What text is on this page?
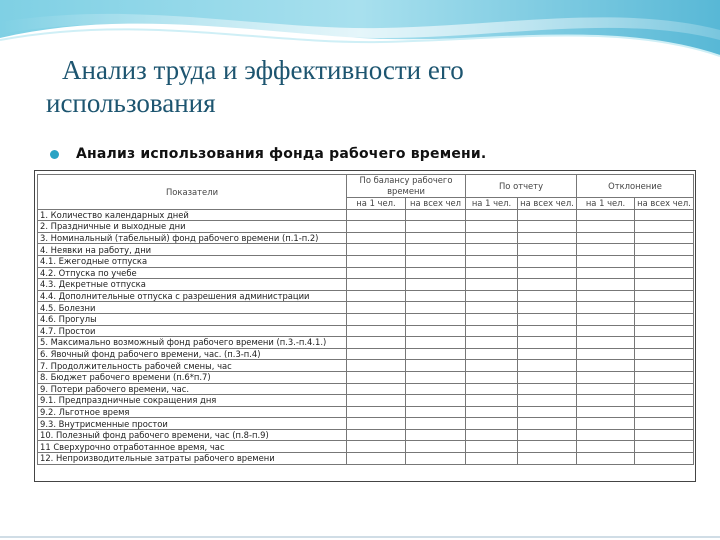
Анализ труда и эффективности его
использования
Анализ использования фонда рабочего времени.
Показатели	По балансу рабочего времени		По отчету		Отклонение	
	на 1 чел.	на всех чел	на 1 чел.	на всех чел.	на 1 чел.	на всех чел.
1. Количество календарных дней						
2. Праздничные и выходные дни						
3. Номинальный (табельный) фонд рабочего времени (п.1-п.2)						
4. Неявки на работу, дни						
4.1. Ежегодные отпуска						
4.2. Отпуска по учебе						
4.3. Декретные отпуска						
4.4. Дополнительные отпуска с разрешения администрации						
4.5. Болезни						
4.6. Прогулы						
4.7. Простои						
5. Максимально возможный фонд рабочего времени (п.3.-п.4.1.)						
6. Явочный фонд рабочего времени, час. (п.3-п.4)						
7. Продолжительность рабочей смены, час						
8. Бюджет рабочего времени (п.6*п.7)						
9. Потери рабочего времени, час.						
9.1. Предпраздничные сокращения дня						
9.2. Льготное время						
9.3. Внутрисменные простои						
10. Полезный фонд рабочего времени, час (п.8-п.9)						
11 Сверхурочно отработанное время, час						
12. Непроизводительные затраты рабочего времени						
